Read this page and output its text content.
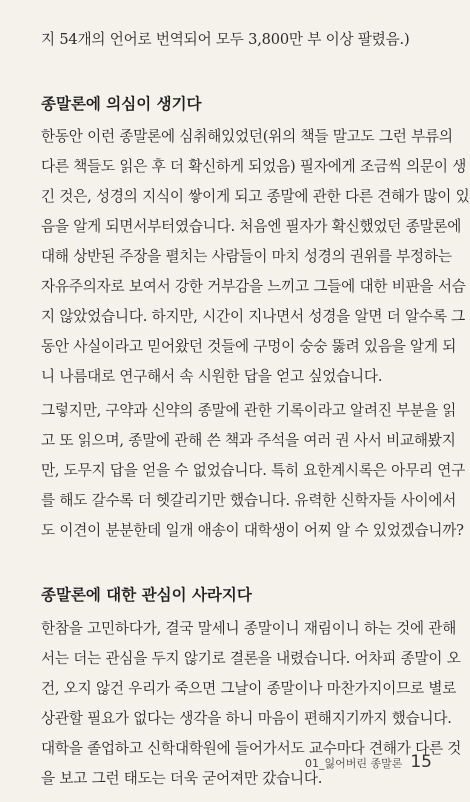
지 54개의 언어로 번역되어 모두 3,800만 부 이상 팔렸음.)
종말론에 의심이 생기다
한동안 이런 종말론에 심취해있었던(위의 책들 말고도 그런 부류의
다른 책들도 읽은 후 더 확신하게 되었음) 필자에게 조금씩 의문이 생
긴 것은, 성경의 지식이 쌓이게 되고 종말에 관한 다른 견해가 많이 있
음을 알게 되면서부터였습니다. 처음엔 필자가 확신했었던 종말론에
대해 상반된 주장을 펼치는 사람들이 마치 성경의 권위를 부정하는
자유주의자로 보여서 강한 거부감을 느끼고 그들에 대한 비판을 서슴
지 않았었습니다. 하지만, 시간이 지나면서 성경을 알면 더 알수록 그
동안 사실이라고 믿어왔던 것들에 구멍이 숭숭 뚫려 있음을 알게 되
니 나름대로 연구해서 속 시원한 답을 얻고 싶었습니다.
그렇지만, 구약과 신약의 종말에 관한 기록이라고 알려진 부분을 읽
고 또 읽으며, 종말에 관해 쓴 책과 주석을 여러 권 사서 비교해봤지
만, 도무지 답을 얻을 수 없었습니다. 특히 요한계시록은 아무리 연구
를 해도 갈수록 더 헷갈리기만 했습니다. 유력한 신학자들 사이에서
도 이견이 분분한데 일개 애송이 대학생이 어찌 알 수 있었겠습니까?
종말론에 대한 관심이 사라지다
한참을 고민하다가, 결국 말세니 종말이니 재림이니 하는 것에 관해
서는 더는 관심을 두지 않기로 결론을 내렸습니다. 어차피 종말이 오
건, 오지 않건 우리가 죽으면 그날이 종말이나 마찬가지이므로 별로
상관할 필요가 없다는 생각을 하니 마음이 편해지기까지 했습니다.
대학을 졸업하고 신학대학원에 들어가서도 교수마다 견해가 다른 것
을 보고 그런 태도는 더욱 굳어져만 갔습니다.
01_잃어버린 종말론 15
